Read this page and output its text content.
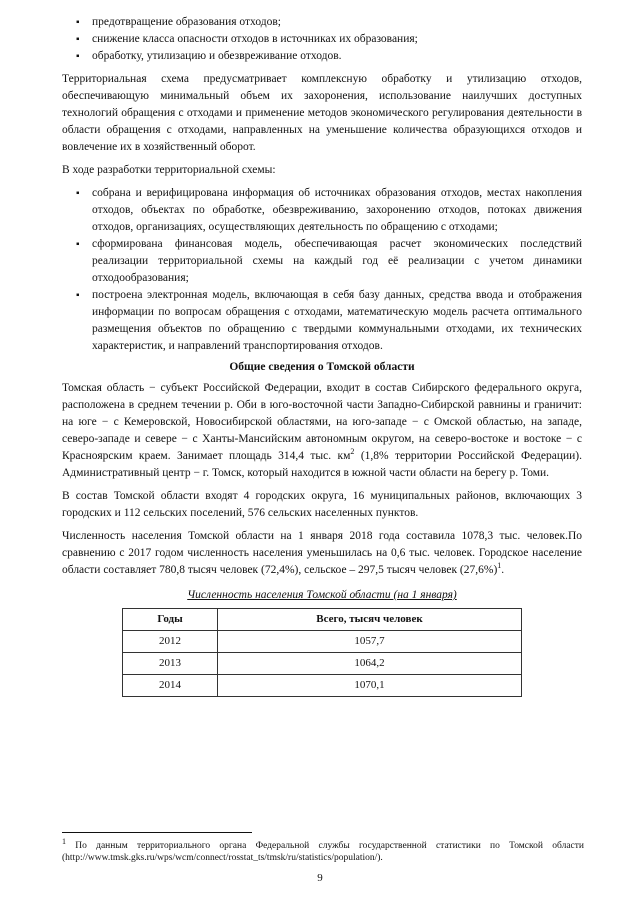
▪ предотвращение образования отходов;
▪ снижение класса опасности отходов в источниках их образования;
▪ обработку, утилизацию и обезвреживание отходов.

Территориальная схема предусматривает комплексную обработку и утилизацию отходов, обеспечивающую минимальный объем их захоронения, использование наилучших доступных технологий обращения с отходами и применение методов экономического регулирования деятельности в области обращения с отходами, направленных на уменьшение количества образующихся отходов и вовлечение их в хозяйственный оборот.

В ходе разработки территориальной схемы:

▪ собрана и верифицирована информация об источниках образования отходов, местах накопления отходов, объектах по обработке, обезвреживанию, захоронению отходов, потоках движения отходов, организациях, осуществляющих деятельность по обращению с отходами;
▪ сформирована финансовая модель, обеспечивающая расчет экономических последствий реализации территориальной схемы на каждый год её реализации с учетом динамики отходообразования;
▪ построена электронная модель, включающая в себя базу данных, средства ввода и отображения информации по вопросам обращения с отходами, математическую модель расчета оптимального размещения объектов по обращению с твердыми коммунальными отходами, их технических характеристик, и направлений транспортирования отходов.
Общие сведения о Томской области

Томская область − субъект Российской Федерации, входит в состав Сибирского федерального округа, расположена в среднем течении р. Оби в юго-восточной части Западно-Сибирской равнины и граничит: на юге − с Кемеровской, Новосибирской областями, на юго-западе − с Омской областью, на западе, северо-западе и севере − с Ханты-Мансийским автономным округом, на северо-востоке и востоке − с Красноярским краем. Занимает площадь 314,4 тыс. $км^2$ (1,8% территории Российской Федерации). Административный центр − г. Томск, который находится в южной части области на берегу р. Томи.

В состав Томской области входят 4 городских округа, 16 муниципальных районов, включающих 3 городских и 112 сельских поселений, 576 сельских населенных пунктов.

Численность населения Томской области на 1 января 2018 года составила 1078,3 тыс. человек.По сравнению с 2017 годом численность населения уменьшилась на 0,6 тыс. человек. Городское население области составляет 780,8 тысяч человек (72,4%), сельское – 297,5 тысяч человек $(27,6\%)^1$.

Численность населения Томской области (на 1 января)
Годы	Всего, тысяч человек
2012	1057,7
2013	1064,2
2014	1070,1
$^1$ По данным территориального органа Федеральной службы государственной статистики по Томской области (http://www.tmsk.gks.ru/wps/wcm/connect/rosstat_ts/tmsk/ru/statistics/population/).
9
